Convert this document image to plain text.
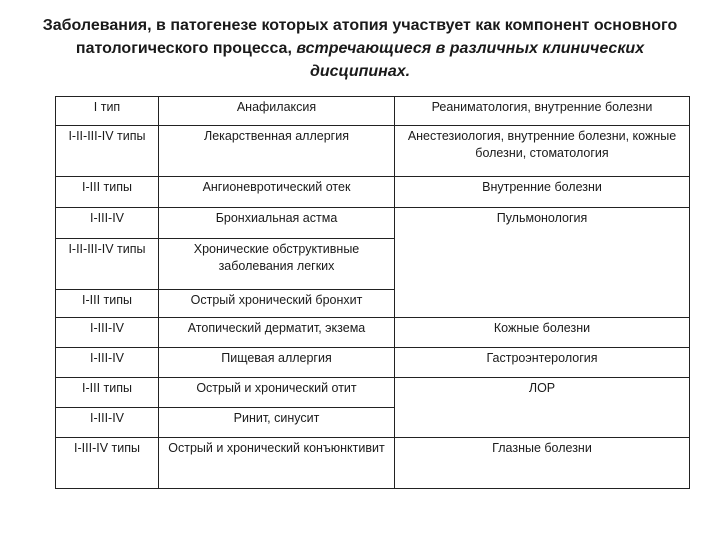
Заболевания, в патогенезе которых атопия участвует как компонент основного патологического процесса, встречающиеся в различных клинических дисципинах.
I тип	Анафилаксия	Реаниматология, внутренние болезни
I-II-III-IV типы	Лекарственная аллергия	Анестезиология, внутренние болезни, кожные болезни, стоматология
I-III типы	Ангионевротический отек	Внутренние болезни
I-III-IV	Бронхиальная астма	Пульмонология
I-II-III-IV типы	Хронические обструктивные заболевания легких	
I-III типы	Острый хронический бронхит	
I-III-IV	Атопический дерматит, экзема	Кожные болезни
I-III-IV	Пищевая аллергия	Гастроэнтерология
I-III типы	Острый и хронический отит	ЛОР
I-III-IV	Ринит, синусит	
I-III-IV типы	Острый и хронический конъюнктивит	Глазные болезни
